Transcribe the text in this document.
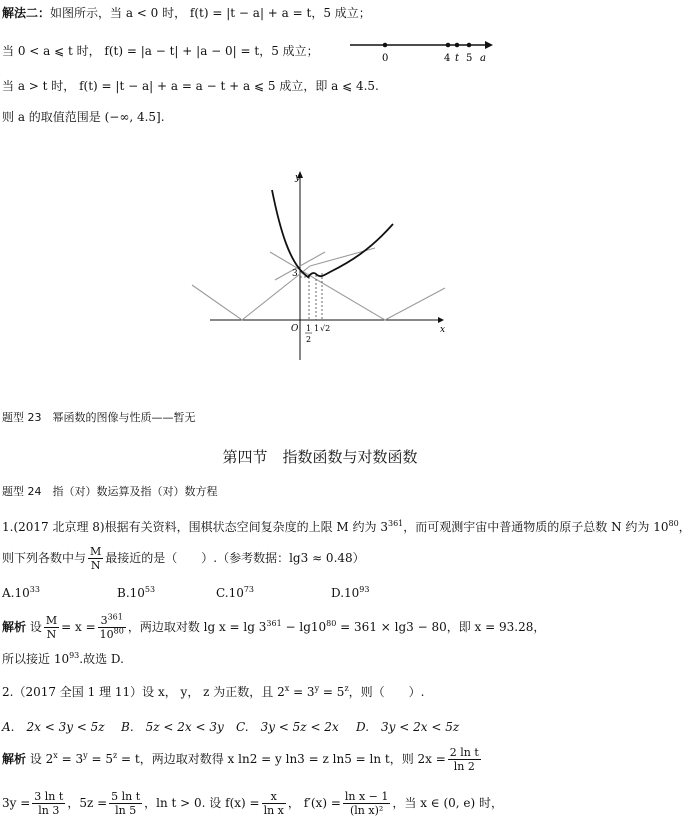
解法二：如图所示，当 a < 0 时， f(t) = |t − a| + a = t，5 成立；
当 0 < a ⩽ t 时， f(t) = |a − t| + |a − 0| = t，5 成立；
当 a > t 时， f(t) = |t − a| + a = a − t + a ⩽ 5 成立，即 a ⩽ 4.5.
则 a 的取值范围是 (−∞, 4.5].
0	4 t 5 a
y
x
O
3
1
2
1 √2
题型 23　幂函数的图像与性质——暂无
第四节　指数函数与对数函数
题型 24　指（对）数运算及指（对）数方程
1.(2017 北京理 8)根据有关资料，围棋状态空间复杂度的上限 M 约为 $3^{361}$，而可观测宇宙中普通物质的原子总数 N 约为 $10^{80}$，
则下列各数中与 $\frac{M}{N}$ 最接近的是（　　）.（参考数据：lg3 ≈ 0.48）
$A.10^{33}$	$B.10^{53}$	$C.10^{73}$	$D.10^{93}$
解析 设 $\frac{M}{N} = x = \frac{3^{361}}{10^{80}}$ ，两边取对数 $\lg x = \lg 3^{361} - \lg 10^{80} = 361 \times \lg 3 - 80$，即 x = 93.28，
所以接近 $10^{93}$.故选 D.
2.（2017 全国 1 理 11）设 x， y， z 为正数，且 $2^x = 3^y = 5^z$，则（　　）.
A.　2x < 3y < 5z B.　5z < 2x < 3y C.　3y < 5z < 2x D.　3y < 2x < 5z
解析 设 $2^x = 3^y = 5^z = t$，两边取对数得 x ln2 = y ln3 = z ln5 = ln t，则 $2x = \frac{\text{2 ln t}}{\ln 2}$
$3y = \frac{\text{3 ln t}}{\ln 3}$ ，$5z = \frac{\text{5 ln t}}{\ln 5}$ ，ln t > 0. 设 $f(x) = \frac{x}{\text{ln x}}$ ， $f'(x) = \frac{\text{ln x − 1}}{\text{(ln x)²}}$ ，当 x ∈ (0, e) 时，
